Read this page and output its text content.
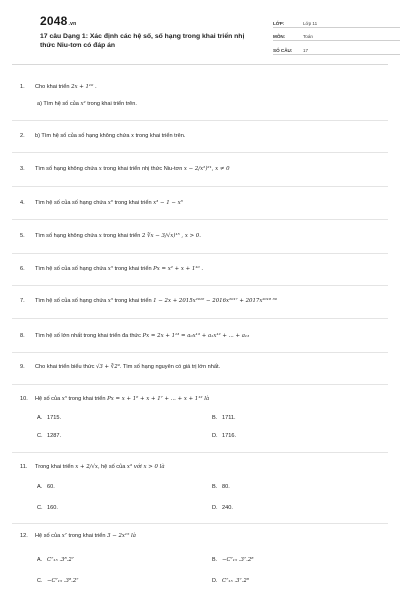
2048.vn
17 câu Dạng 1: Xác định các hệ số, số hạng trong khai triển nhị thức Niu-tơn có đáp án
LỚP:	Lớp 11
MÔN:	Toán
SỐ CÂU:	17
1.	Cho khai triển 2x + 1¹⁰ .
a) Tìm hệ số của x² trong khai triển trên.
2.	b) Tìm hệ số của số hạng không chứa x trong khai triển trên.
3.	Tìm số hạng không chứa x trong khai triển nhị thức Niu-tơn x − 2/x²)²¹, x ≠ 0
4.	Tìm hệ số của số hạng chứa x⁶ trong khai triển x³ − 1 − x⁶
5.	Tìm số hạng không chứa x trong khai triển 2 ∛x − 3/√x)¹⁵ , x > 0.
6.	Tìm hệ số của số hạng chứa x⁵ trong khai triển Px = x² + x + 1¹⁰ .
7.	Tìm hệ số của số hạng chứa x⁵ trong khai triển 1 − 2x + 2015x²⁰¹⁶ − 2016x²⁰¹⁷ + 2017x²⁰¹⁸ ⁶⁰
8.	Tìm hệ số lớn nhất trong khai triển đa thức Px = 2x + 1¹³ = a₀x¹³ + a₁x¹² + ... + a₁₃
9.	Cho khai triển biểu thức √3 + ∛2⁹. Tìm số hạng nguyên có giá trị lớn nhất.
10.	Hệ số của x⁵ trong khai triển Px = x + 1⁶ + x + 1⁷ + ... + x + 1¹² là
A. 1715.	B. 1711.
C. 1287.	D. 1716.
11.	Trong khai triển x + 2/√x, hệ số của x³ với x > 0 là
A. 60.	B. 80.
C. 160.	D. 240.
12.	Hệ số của x⁷ trong khai triển 3 − 2x¹⁵ là
A. C⁷₁₅ .3⁸.2⁷	B. −C⁷₁₅ .3⁷.2⁸
C. −C⁷₁₅ .3⁸.2⁷	D. C⁷₁₅ .3⁷.2⁸
